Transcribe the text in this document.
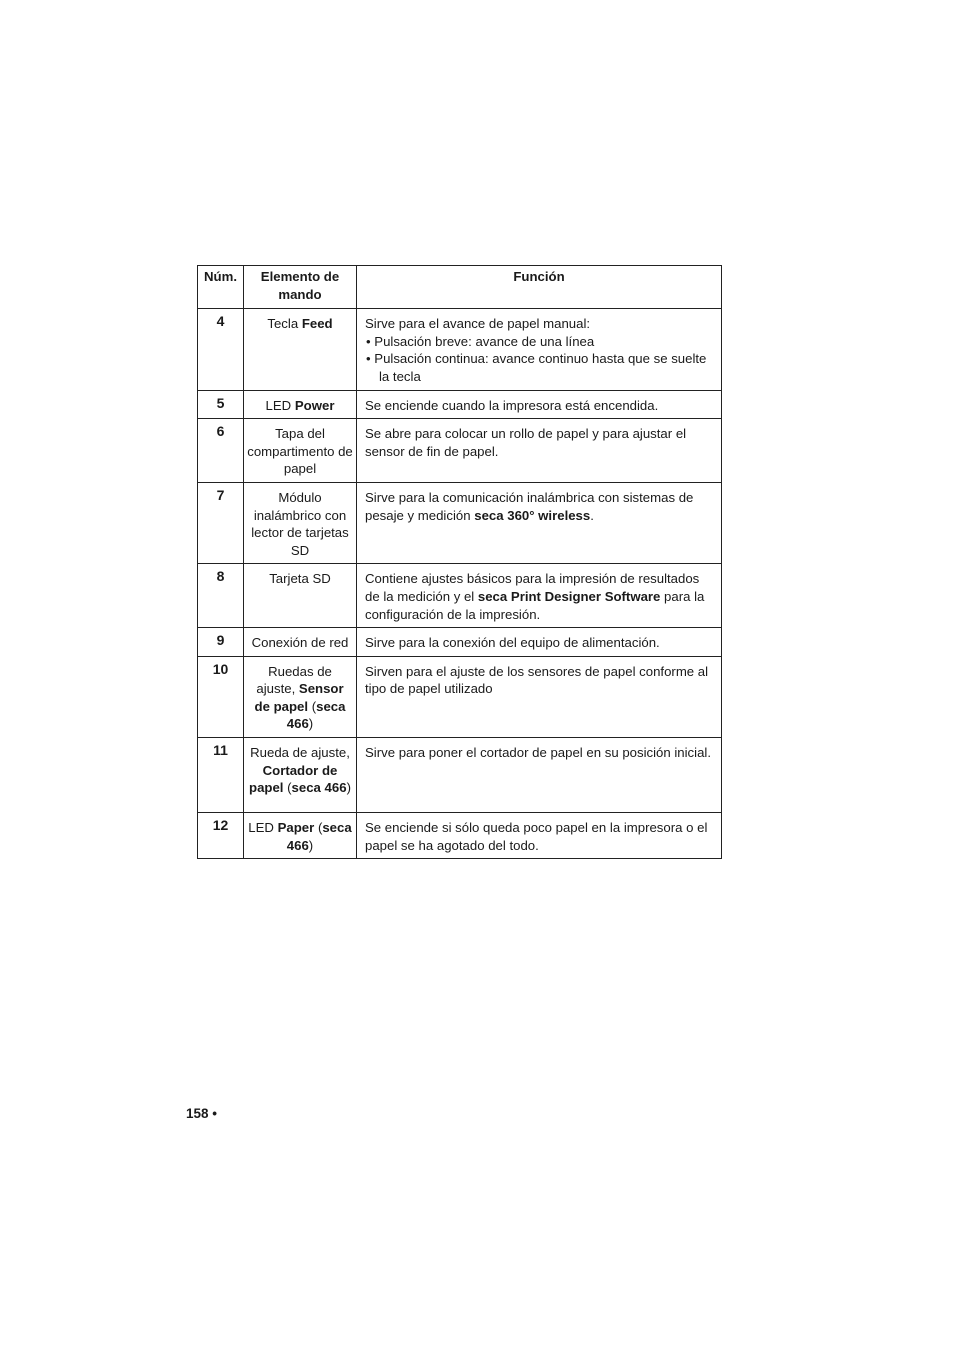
Núm.	Elemento de mando	Función
4	Tecla Feed	Sirve para el avance de papel manual:
• Pulsación breve: avance de una línea
• Pulsación continua: avance continuo hasta que se suelte la tecla

5	LED Power	Se enciende cuando la impresora está encendida.
6	Tapa del compartimento de papel	Se abre para colocar un rollo de papel y para ajustar el sensor de fin de papel.
7	Módulo inalámbrico con lector de tarjetas SD	Sirve para la comunicación inalámbrica con sistemas de pesaje y medición seca 360° wireless.
8	Tarjeta SD	Contiene ajustes básicos para la impresión de resultados de la medición y el seca Print Designer Software para la configuración de la impresión.
9	Conexión de red	Sirve para la conexión del equipo de alimentación.
10	Ruedas de ajuste, Sensor de papel (seca 466)	Sirven para el ajuste de los sensores de papel conforme al tipo de papel utilizado
11	Rueda de ajuste, Cortador de papel (seca 466)	Sirve para poner el cortador de papel en su posición inicial.
12	LED Paper (seca 466)	Se enciende si sólo queda poco papel en la impresora o el papel se ha agotado del todo.
158 •
